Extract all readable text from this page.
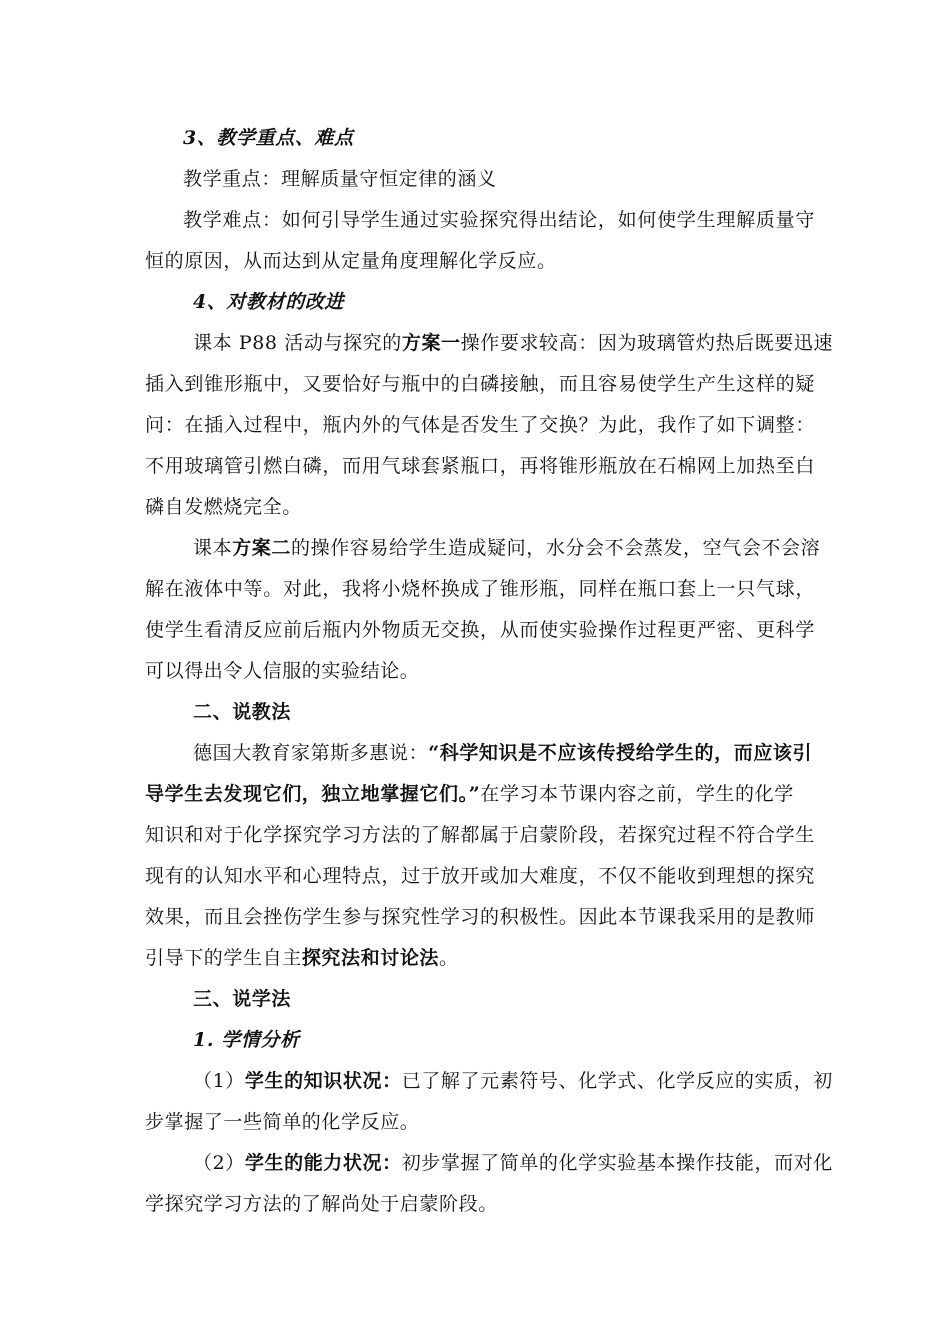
3、教学重点、难点
教学重点：理解质量守恒定律的涵义
教学难点：如何引导学生通过实验探究得出结论，如何使学生理解质量守
恒的原因，从而达到从定量角度理解化学反应。
4、对教材的改进
课本 P88 活动与探究的方案一操作要求较高：因为玻璃管灼热后既要迅速
插入到锥形瓶中，又要恰好与瓶中的白磷接触，而且容易使学生产生这样的疑
问：在插入过程中，瓶内外的气体是否发生了交换？为此，我作了如下调整：
不用玻璃管引燃白磷，而用气球套紧瓶口，再将锥形瓶放在石棉网上加热至白
磷自发燃烧完全。
课本方案二的操作容易给学生造成疑问，水分会不会蒸发，空气会不会溶
解在液体中等。对此，我将小烧杯换成了锥形瓶，同样在瓶口套上一只气球，
使学生看清反应前后瓶内外物质无交换，从而使实验操作过程更严密、更科学
可以得出令人信服的实验结论。
二、说教法
德国大教育家第斯多惠说：“科学知识是不应该传授给学生的，而应该引
导学生去发现它们，独立地掌握它们。”在学习本节课内容之前，学生的化学
知识和对于化学探究学习方法的了解都属于启蒙阶段，若探究过程不符合学生
现有的认知水平和心理特点，过于放开或加大难度，不仅不能收到理想的探究
效果，而且会挫伤学生参与探究性学习的积极性。因此本节课我采用的是教师
引导下的学生自主探究法和讨论法。
三、说学法
1. 学情分析
（1）学生的知识状况：已了解了元素符号、化学式、化学反应的实质，初
步掌握了一些简单的化学反应。
（2）学生的能力状况：初步掌握了简单的化学实验基本操作技能，而对化
学探究学习方法的了解尚处于启蒙阶段。
